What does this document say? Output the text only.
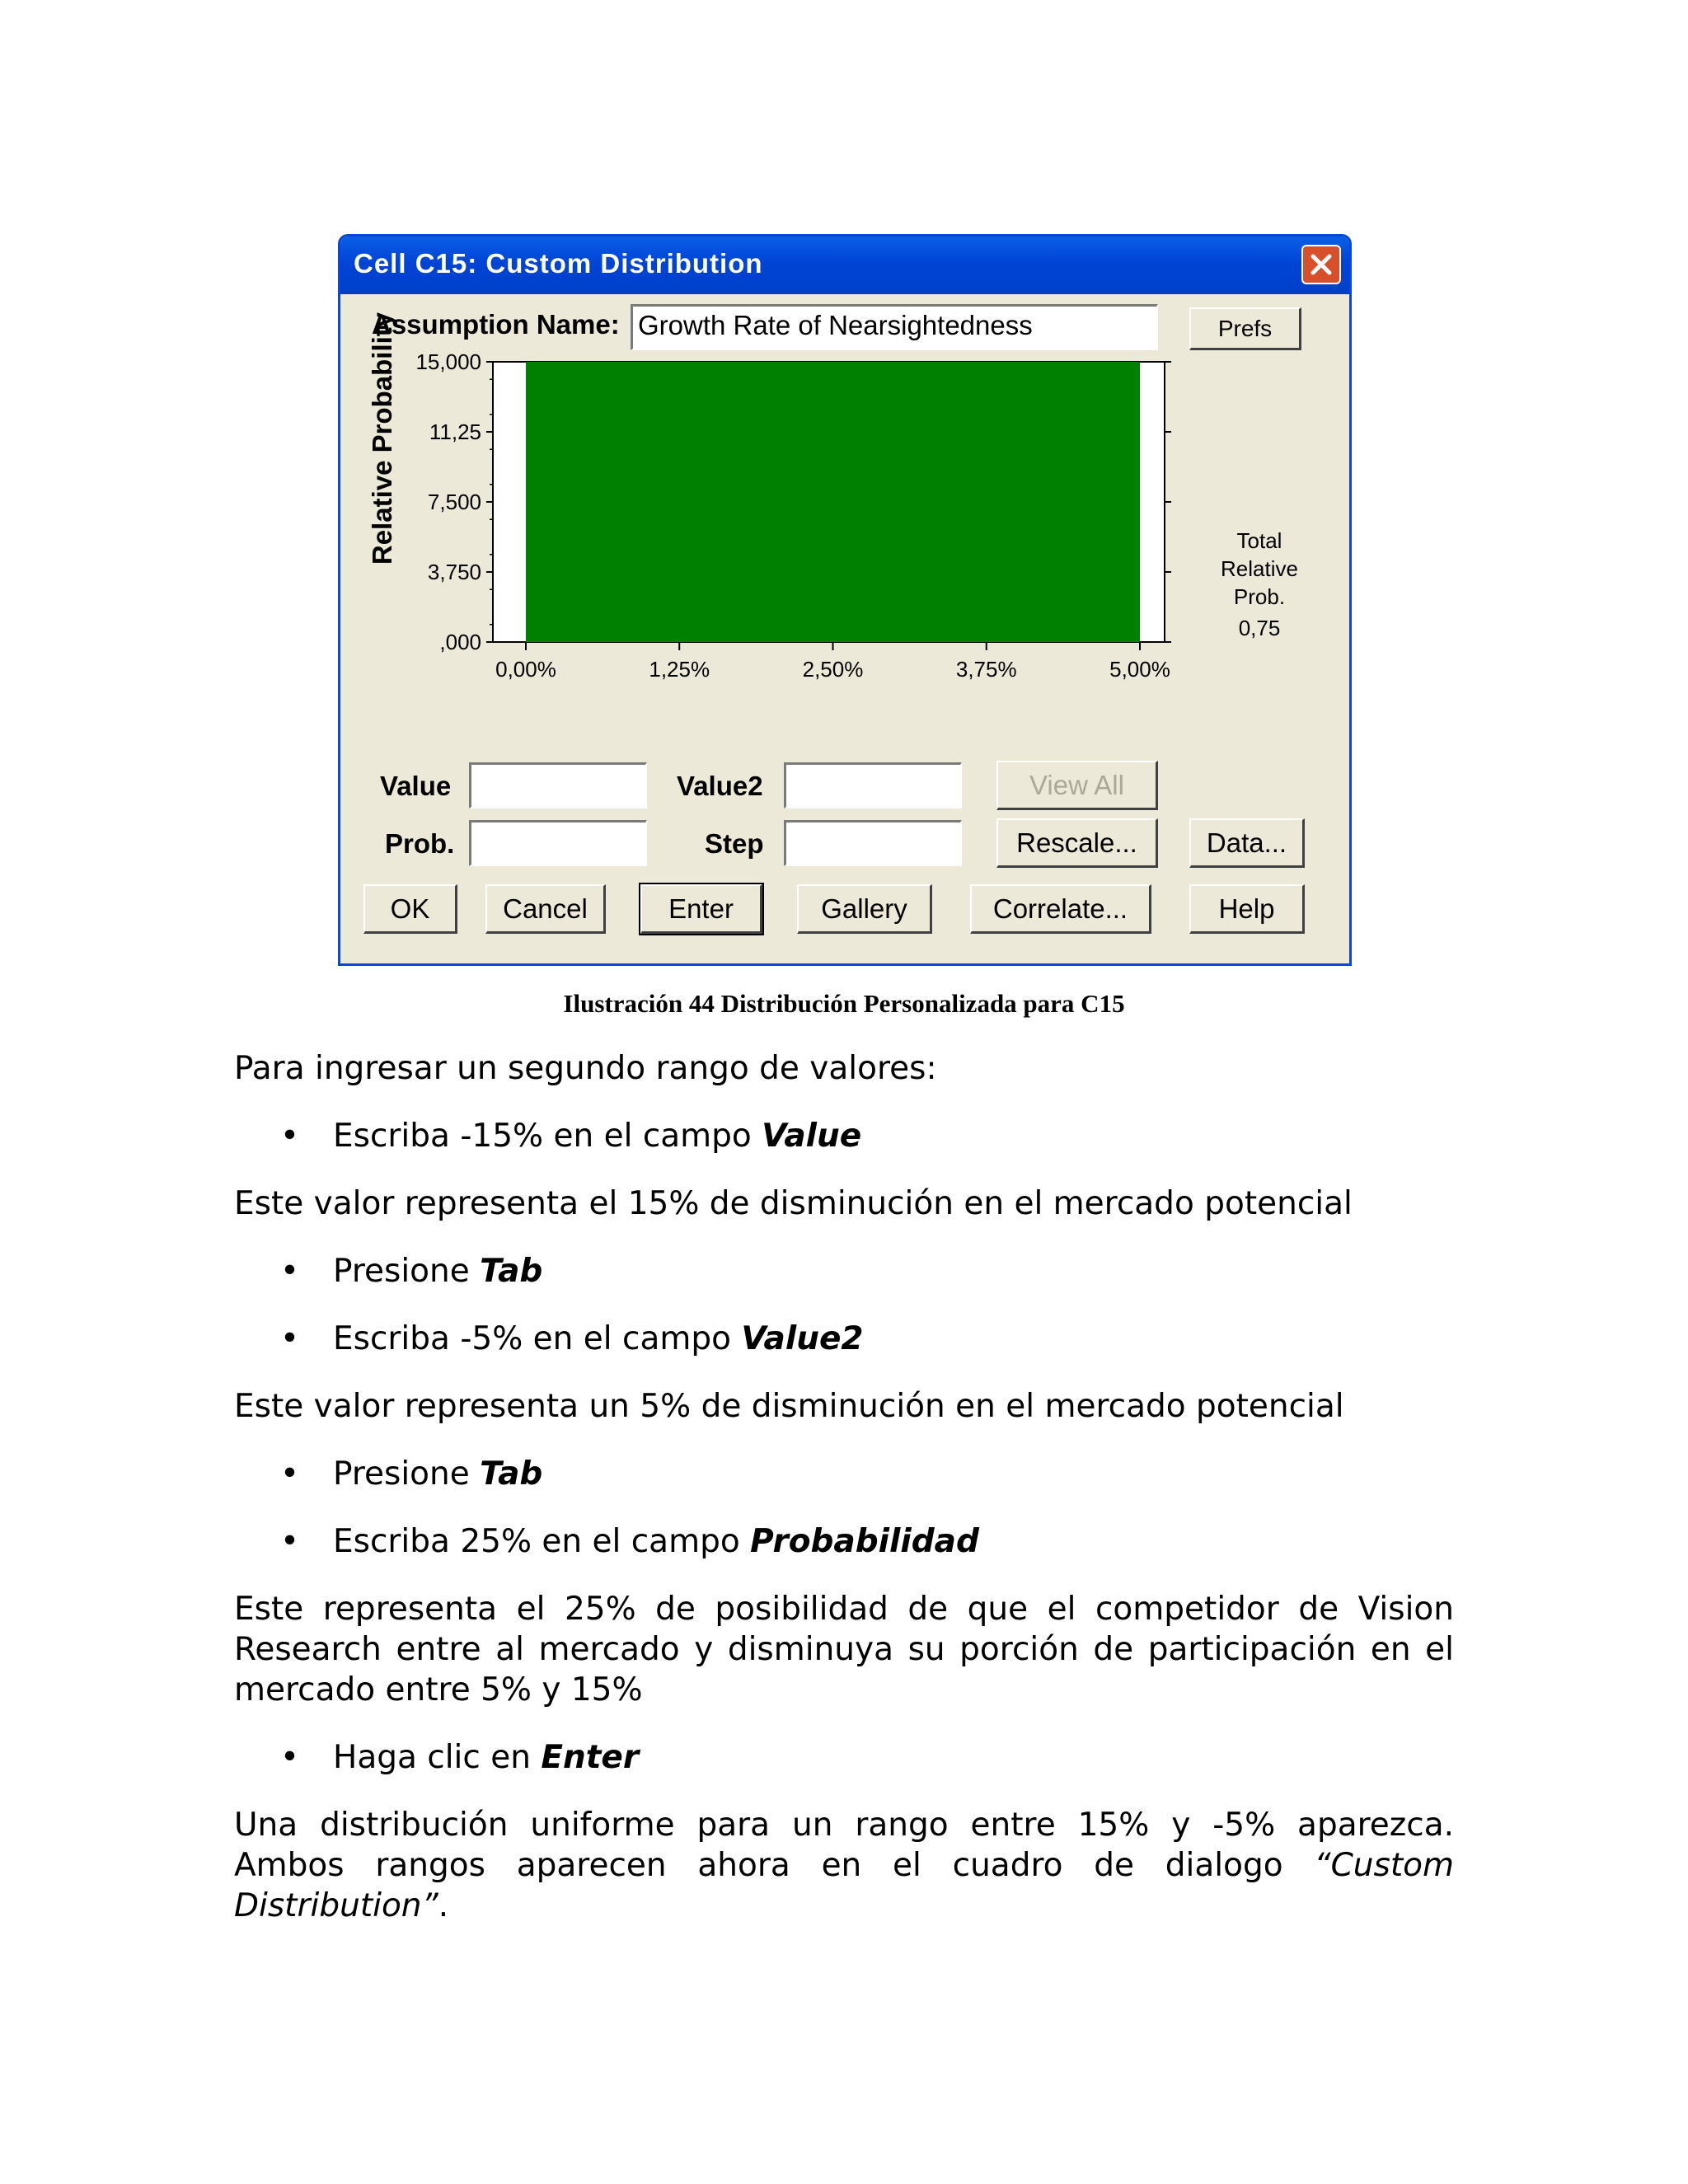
Cell C15: Custom Distribution
Assumption Name: Growth Rate of Nearsightedness	Prefs
Relative Probability 15,000
11,25
7,500
3,750
,000
0,00%	1,25%	2,50%	3,75%	5,00%
Total
Relative
Prob.
0,75
Value	Value2	View All
Prob.	Step	Rescale...	Data...
OK	Cancel	Enter	Gallery	Correlate...	Help
Ilustración 44 Distribución Personalizada para C15
Para ingresar un segundo rango de valores:
• Escriba -15% en el campo Value
Este valor representa el 15% de disminución en el mercado potencial
• Presione Tab
• Escriba -5% en el campo Value2
Este valor representa un 5% de disminución en el mercado potencial
• Presione Tab
• Escriba 25% en el campo Probabilidad
Este representa el 25% de posibilidad de que el competidor de Vision Research entre al mercado y disminuya su porción de participación en el mercado entre 5% y 15%
• Haga clic en Enter
Una distribución uniforme para un rango entre 15% y -5% aparezca. Ambos rangos aparecen ahora en el cuadro de dialogo “Custom Distribution”.
